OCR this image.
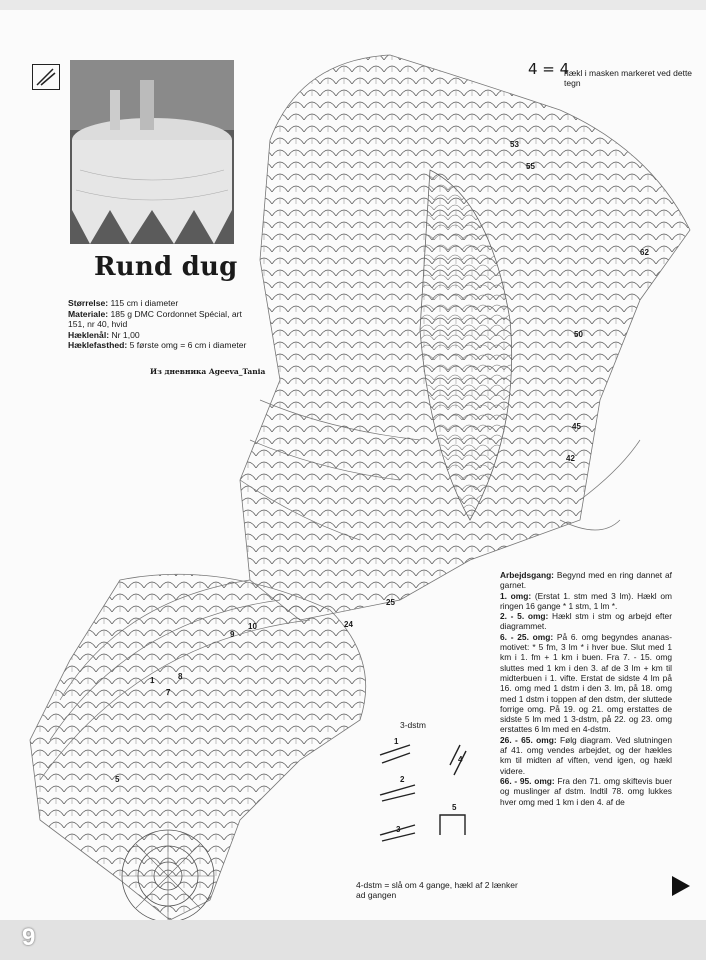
1
5
7
8
9
10	24
25
53
55
62
42
45
50
Rund dug
Størrelse: 115 cm i diameter
Materiale: 185 g DMC Cordonnet Spécial, art 151, nr 40, hvid
Hæklenål: Nr 1,00
Hæklefasthed: 5 første omg = 6 cm i diameter
Из дневника Ageeva_Tania
4 = 4
hækl i masken markeret ved dette tegn

Arbejdsgang: Begynd med en ring dannet af garnet.

1. omg: (Erstat 1. stm med 3 lm). Hækl om ringen 16 gange * 1 stm, 1 lm *.

2. - 5. omg: Hækl stm i stm og arbejd efter diagrammet.

6. - 25. omg: På 6. omg begyndes ananas-motivet: * 5 fm, 3 lm * i hver bue. Slut med 1 km i 1. fm + 1 km i buen. Fra 7. - 15. omg sluttes med 1 km i den 3. af de 3 lm + km til midterbuen i 1. vifte. Erstat de sidste 4 lm på 16. omg med 1 dstm i den 3. lm, på 18. omg med 1 dstm i toppen af den dstm, der sluttede forrige omg. På 19. og 21. omg erstattes de sidste 5 lm med 1 3-dstm, på 22. og 23. omg erstattes 6 lm med en 4-dstm.

26. - 65. omg: Følg diagram. Ved slutningen af 41. omg vendes arbejdet, og der hækles km til midten af viften, vend igen, og hækl videre.

66. - 95. omg: Fra den 71. omg skiftevis buer og muslinger af dstm. Indtil 78. omg lukkes hver omg med 1 km i den 4. af de

3-dstm
1
2
3
4
5
4-dstm = slå om 4 gange, hækl af 2 lænker ad gangen
9
